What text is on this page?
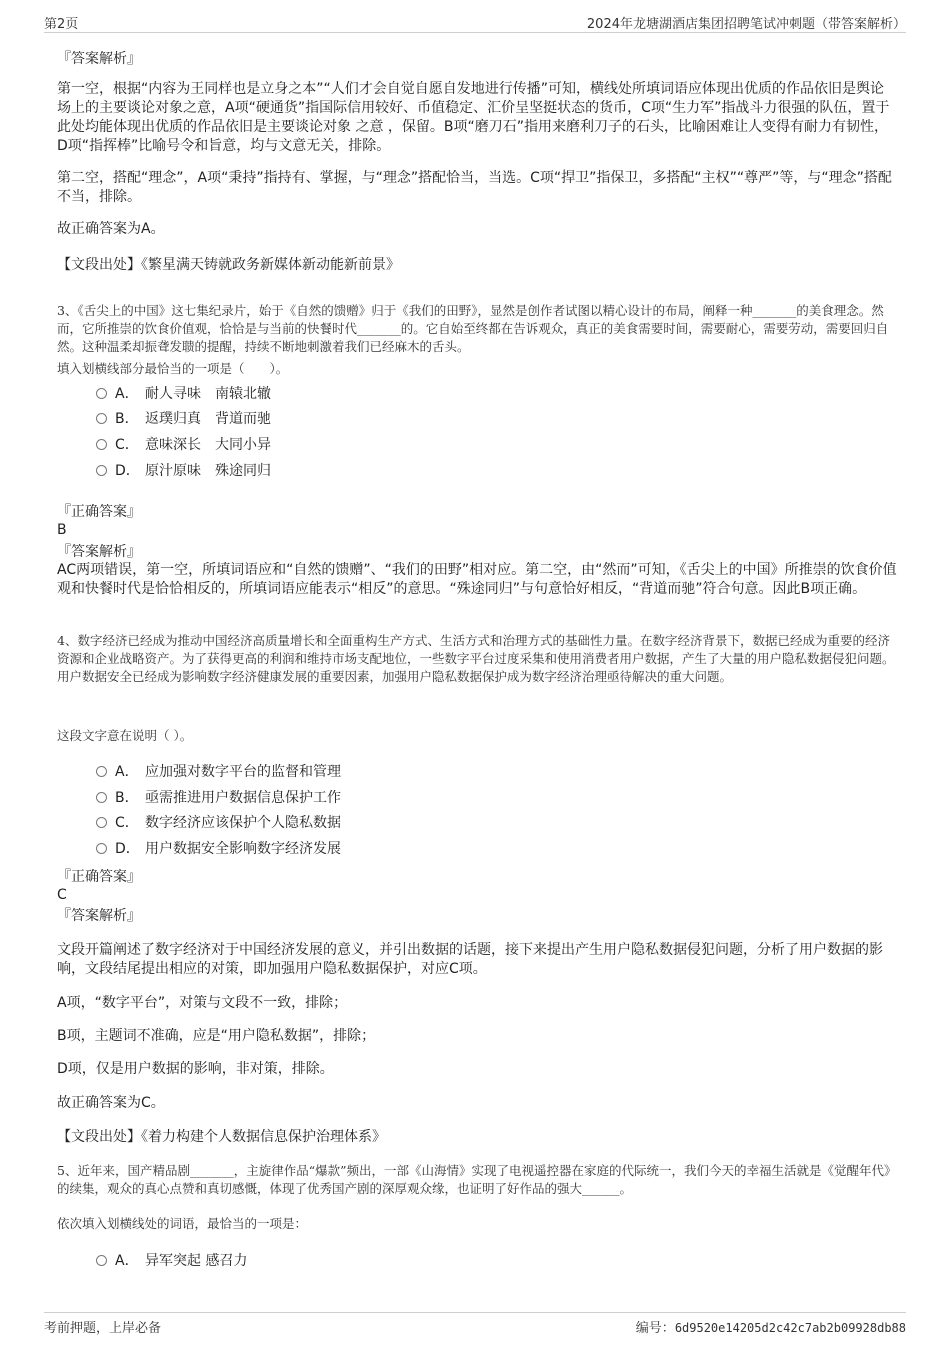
第2页	2024年龙塘湖酒店集团招聘笔试冲刺题（带答案解析）
『答案解析』
第一空，根据“内容为王同样也是立身之本”“人们才会自觉自愿自发地进行传播”可知，横线处所填词语应体现出优质的作品依旧是舆论场上的主要谈论对象之意，A项“硬通货”指国际信用较好、币值稳定、汇价呈坚挺状态的货币，C项“生力军”指战斗力很强的队伍，置于此处均能体现出优质的作品依旧是主要谈论对象 之意 ，保留。B项“磨刀石”指用来磨利刀子的石头，比喻困难让人变得有耐力有韧性，D项“指挥棒”比喻号令和旨意，均与文意无关，排除。
第二空，搭配“理念”，A项“秉持”指持有、掌握，与“理念”搭配恰当，当选。C项“捍卫”指保卫，多搭配“主权”“尊严”等，与“理念”搭配不当，排除。
故正确答案为A。
【文段出处】《繁星满天铸就政务新媒体新动能新前景》
3、《舌尖上的中国》这七集纪录片，始于《自然的馈赠》归于《我们的田野》，显然是创作者试图以精心设计的布局，阐释一种_______的美食理念。然而，它所推崇的饮食价值观，恰恰是与当前的快餐时代_______的。它自始至终都在告诉观众，真正的美食需要时间，需要耐心，需要劳动，需要回归自然。这种温柔却振聋发聩的提醒，持续不断地刺激着我们已经麻木的舌头。
填入划横线部分最恰当的一项是（　　）。
A． 耐人寻味　南辕北辙
B． 返璞归真　背道而驰
C． 意味深长　大同小异
D． 原汁原味　殊途同归
『正确答案』
B
『答案解析』
AC两项错误，第一空，所填词语应和“自然的馈赠”、“我们的田野”相对应。第二空，由“然而”可知，《舌尖上的中国》所推崇的饮食价值观和快餐时代是恰恰相反的，所填词语应能表示“相反”的意思。“殊途同归”与句意恰好相反，“背道而驰”符合句意。因此B项正确。
4、数字经济已经成为推动中国经济高质量增长和全面重构生产方式、生活方式和治理方式的基础性力量。在数字经济背景下，数据已经成为重要的经济资源和企业战略资产。为了获得更高的利润和维持市场支配地位，一些数字平台过度采集和使用消费者用户数据，产生了大量的用户隐私数据侵犯问题。用户数据安全已经成为影响数字经济健康发展的重要因素，加强用户隐私数据保护成为数字经济治理亟待解决的重大问题。
这段文字意在说明（ ）。
A． 应加强对数字平台的监督和管理
B． 亟需推进用户数据信息保护工作
C． 数字经济应该保护个人隐私数据
D． 用户数据安全影响数字经济发展
『正确答案』
C
『答案解析』
文段开篇阐述了数字经济对于中国经济发展的意义，并引出数据的话题，接下来提出产生用户隐私数据侵犯问题，分析了用户数据的影响，文段结尾提出相应的对策，即加强用户隐私数据保护，对应C项。
A项，“数字平台”，对策与文段不一致，排除；
B项，主题词不准确，应是“用户隐私数据”，排除；
D项，仅是用户数据的影响，非对策，排除。
故正确答案为C。
【文段出处】《着力构建个人数据信息保护治理体系》
5、近年来，国产精品剧_______，主旋律作品“爆款”频出，一部《山海情》实现了电视遥控器在家庭的代际统一，我们今天的幸福生活就是《觉醒年代》的续集，观众的真心点赞和真切感慨，体现了优秀国产剧的深厚观众缘，也证明了好作品的强大______。
依次填入划横线处的词语，最恰当的一项是：
A． 异军突起 感召力
考前押题，上岸必备	编号：6d9520e14205d2c42c7ab2b09928db88
